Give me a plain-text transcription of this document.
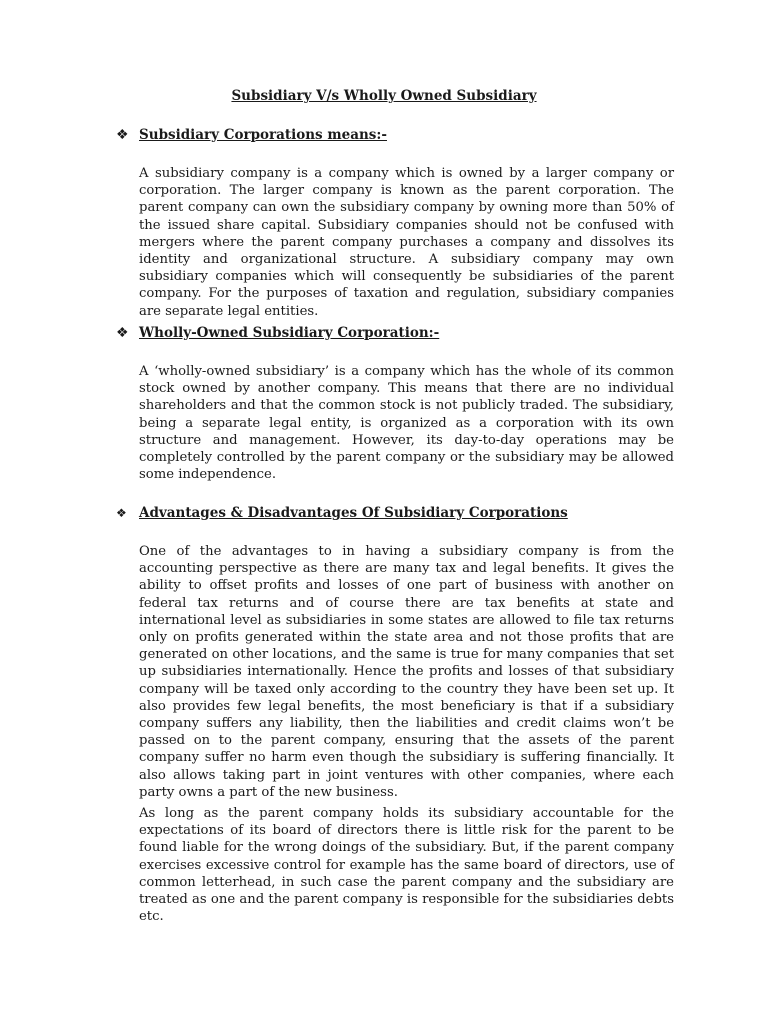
Subsidiary V/s Wholly Owned Subsidiary
❖ Subsidiary Corporations means:-

A subsidiary company is a company which is owned by a larger company or corporation. The larger company is known as the parent corporation. The parent company can own the subsidiary company by owning more than 50% of the issued share capital. Subsidiary companies should not be confused with mergers where the parent company purchases a company and dissolves its identity and organizational structure. A subsidiary company may own subsidiary companies which will consequently be subsidiaries of the parent company. For the purposes of taxation and regulation, subsidiary companies are separate legal entities.

❖ Wholly-Owned Subsidiary Corporation:-

A ‘wholly-owned subsidiary’ is a company which has the whole of its common stock owned by another company. This means that there are no individual shareholders and that the common stock is not publicly traded. The subsidiary, being a separate legal entity, is organized as a corporation with its own structure and management. However, its day-to-day operations may be completely controlled by the parent company or the subsidiary may be allowed some independence.

❖ Advantages & Disadvantages Of Subsidiary Corporations

One of the advantages to in having a subsidiary company is from the accounting perspective as there are many tax and legal benefits. It gives the ability to offset profits and losses of one part of business with another on federal tax returns and of course there are tax benefits at state and international level as subsidiaries in some states are allowed to file tax returns only on profits generated within the state area and not those profits that are generated on other locations, and the same is true for many companies that set up subsidiaries internationally. Hence the profits and losses of that subsidiary company will be taxed only according to the country they have been set up. It also provides few legal benefits, the most beneficiary is that if a subsidiary company suffers any liability, then the liabilities and credit claims won’t be passed on to the parent company, ensuring that the assets of the parent company suffer no harm even though the subsidiary is suffering financially. It also allows taking part in joint ventures with other companies, where each party owns a part of the new business.

As long as the parent company holds its subsidiary accountable for the expectations of its board of directors there is little risk for the parent to be found liable for the wrong doings of the subsidiary. But, if the parent company exercises excessive control for example has the same board of directors, use of common letterhead, in such case the parent company and the subsidiary are treated as one and the parent company is responsible for the subsidiaries debts etc.
